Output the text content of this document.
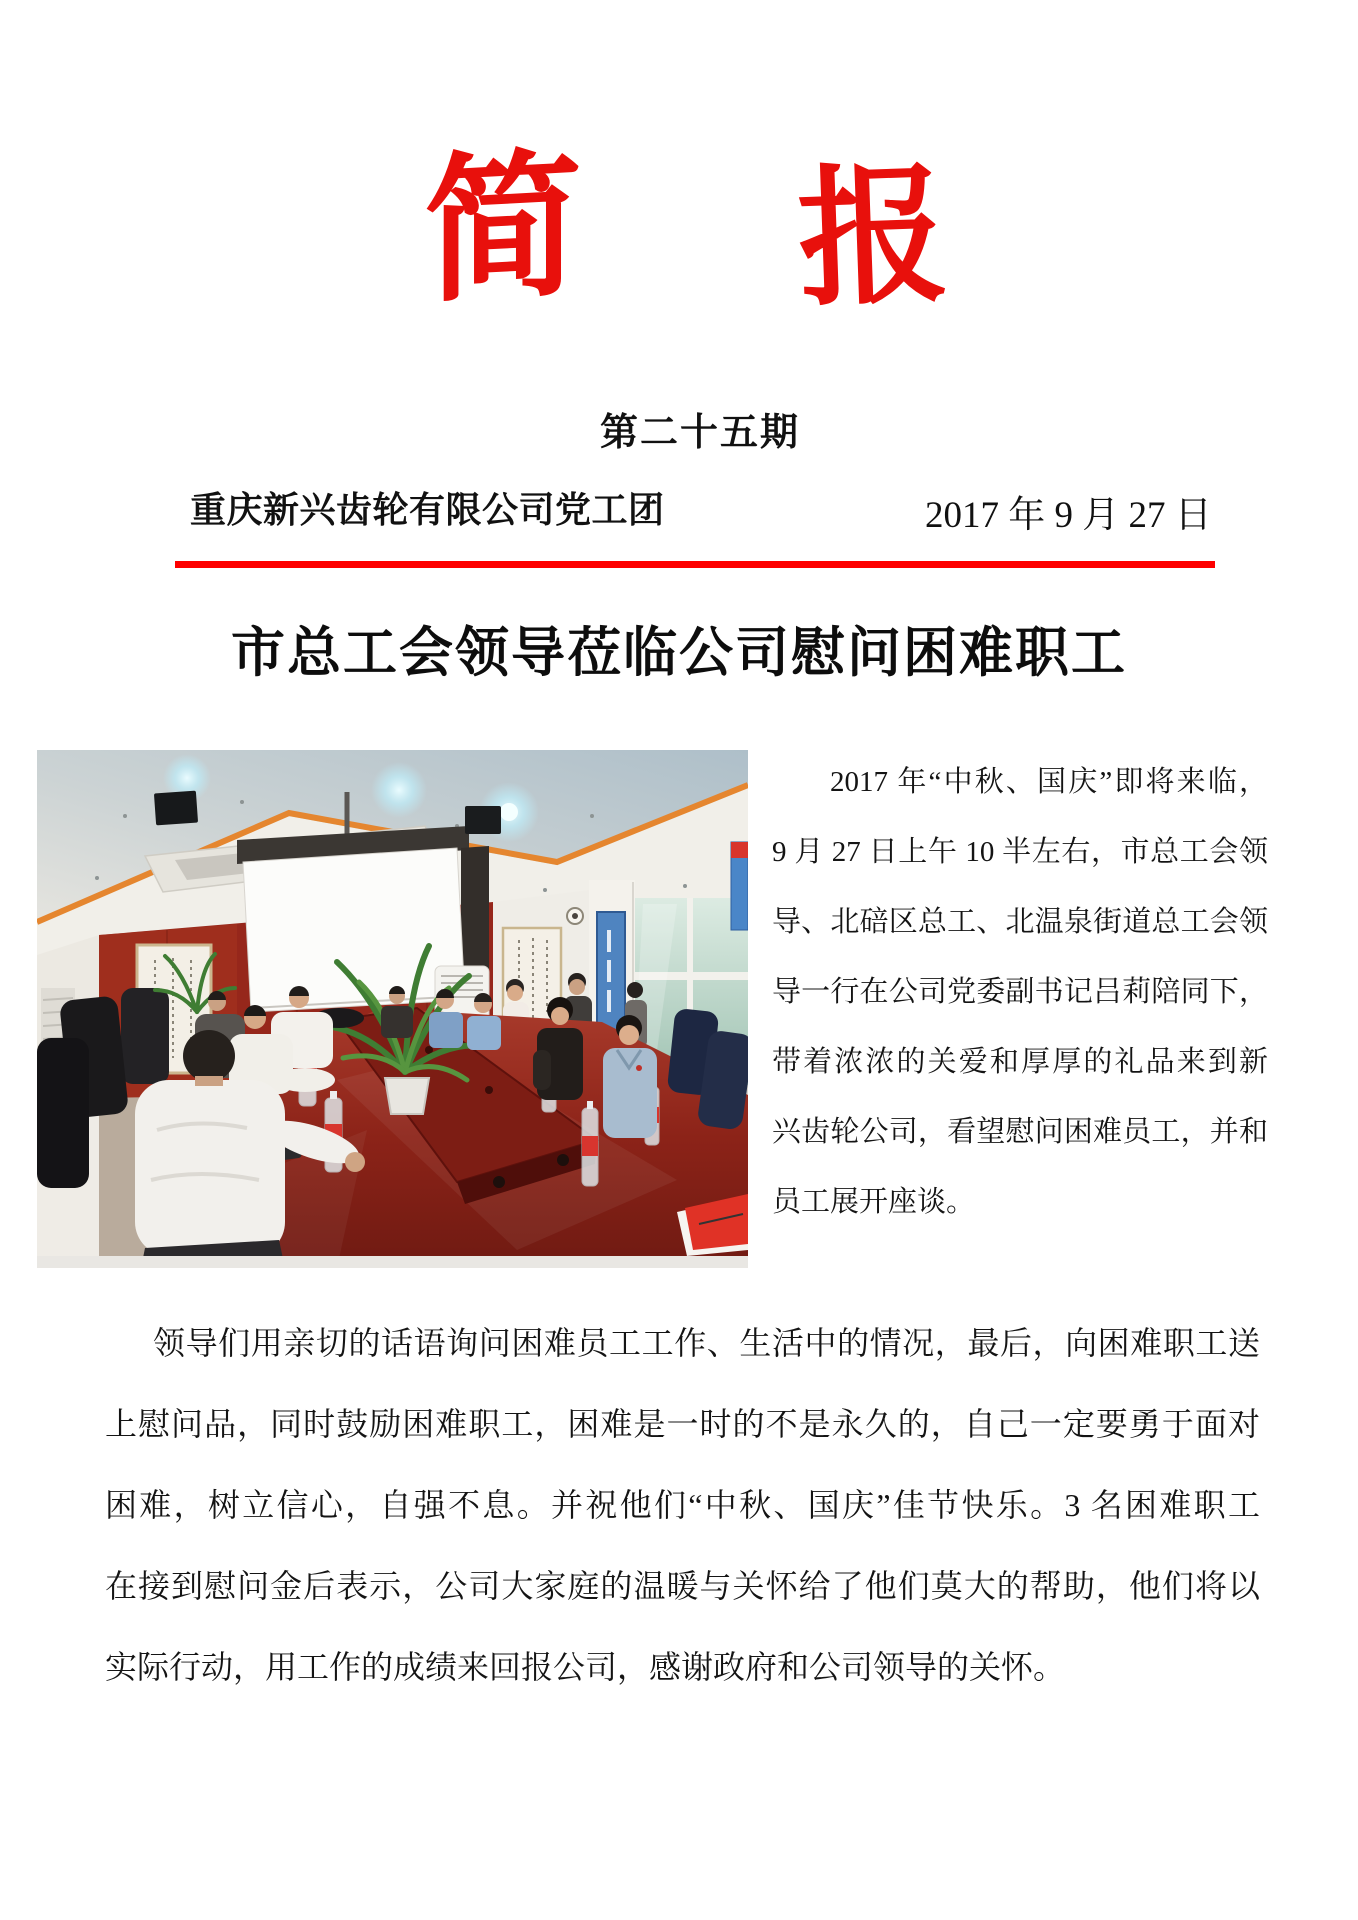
简 报
第二十五期
重庆新兴齿轮有限公司党工团	2017 年 9 月 27 日
市总工会领导莅临公司慰问困难职工
2017 年“中秋、国庆”即将来临，
9 月 27 日上午 10 半左右，市总工会领
导、北碚区总工、北温泉街道总工会领
导一行在公司党委副书记吕莉陪同下，
带着浓浓的关爱和厚厚的礼品来到新
兴齿轮公司，看望慰问困难员工，并和
员工展开座谈。
领导们用亲切的话语询问困难员工工作、生活中的情况，最后，向困难职工送
上慰问品，同时鼓励困难职工，困难是一时的不是永久的，自己一定要勇于面对
困难，树立信心，自强不息。并祝他们“中秋、国庆”佳节快乐。3 名困难职工
在接到慰问金后表示，公司大家庭的温暖与关怀给了他们莫大的帮助，他们将以
实际行动，用工作的成绩来回报公司，感谢政府和公司领导的关怀。
